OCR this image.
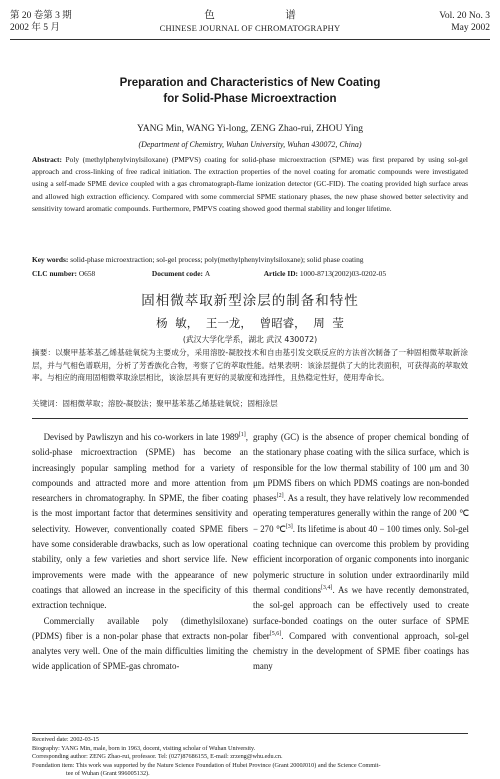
第 20 卷第 3 期
2002 年 5 月
色 谱
CHINESE JOURNAL OF CHROMATOGRAPHY
Vol. 20 No. 3
May 2002
Preparation and Characteristics of New Coating
for Solid-Phase Microextraction
YANG Min, WANG Yi-long, ZENG Zhao-rui, ZHOU Ying
(Department of Chemistry, Wuhan University, Wuhan 430072, China)
Abstract: Poly (methylphenylvinylsiloxane) (PMPVS) coating for solid-phase microextraction (SPME) was first prepared by using sol-gel approach and cross-linking of free radical initiation. The extraction properties of the novel coating for aromatic compounds were investigated using a self-made SPME device coupled with a gas chromatograph-flame ionization detector (GC-FID). The coating provided high surface areas and allowed high extraction efficiency. Compared with some commercial SPME stationary phases, the new phase showed better selectivity and sensitivity toward aromatic compounds. Furthermore, PMPVS coating showed good thermal stability and longer lifetime.
Key words: solid-phase microextraction; sol-gel process; poly(methylphenylvinylsiloxane); solid phase coating
CLC number: O658	Document code: A	Article ID: 1000-8713(2002)03-0202-05
固相微萃取新型涂层的制备和特性
杨 敏， 王一龙， 曾昭睿， 周 莹
(武汉大学化学系，湖北 武汉 430072)
摘要：以聚甲基苯基乙烯基硅氧烷为主要成分，采用溶胶-凝胶技术和自由基引发交联反应的方法首次制备了一种固相微萃取新涂层，并与气相色谱联用，分析了芳香族化合物，考察了它的萃取性能。结果表明：该涂层提供了大的比表面积，可获得高的萃取效率。与相应的商用固相微萃取涂层相比，该涂层具有更好的灵敏度和选择性，且热稳定性好，使用寿命长。
关键词：固相微萃取；溶胶-凝胶法；聚甲基苯基乙烯基硅氧烷；固相涂层

Devised by Pawliszyn and his co-workers in late 1989[1], solid-phase microextraction (SPME) has become an increasingly popular sampling method for a variety of compounds and attracted more and more attention from researchers in chromatography. In SPME, the fiber coating is the most important factor that determines sensitivity and selectivity. However, conventionally coated SPME fibers have some considerable drawbacks, such as low operational stability, only a few varieties and short service life. New improvements were made with the appearance of new coatings that allowed an increase in the specificity of this extraction technique.

Commercially available poly (dimethylsiloxane) (PDMS) fiber is a non-polar phase that extracts non-polar analytes very well. One of the main difficulties limiting the wide application of SPME-gas chromato-

graphy (GC) is the absence of proper chemical bonding of the stationary phase coating with the silica surface, which is responsible for the low thermal stability of 100 μm and 30 μm PDMS fibers on which PDMS coatings are non-bonded phases[2]. As a result, they have relatively low recommended operating temperatures generally within the range of 200 ℃ − 270 ℃[3]. Its lifetime is about 40 − 100 times only. Sol-gel coating technique can overcome this problem by providing efficient incorporation of organic components into inorganic polymeric structure in solution under extraordinarily mild thermal conditions[3,4]. As we have recently demonstrated, the sol-gel approach can be effectively used to create surface-bonded coatings on the outer surface of SPME fiber[5,6]. Compared with conventional approach, sol-gel chemistry in the development of SPME fiber coatings has many

Received date: 2002-03-15
Biography: YANG Min, male, born in 1963, docent, visiting scholar of Wuhan University.
Corresponding author: ZENG Zhao-rui, professor. Tel: (027)87686155, E-mail: zrzeng@whu.edu.cn.
Foundation item: This work was supported by the Nature Science Foundation of Hubei Province (Grant 2000J010) and the Science Commit-
tee of Wuhan (Grant 996005132).
